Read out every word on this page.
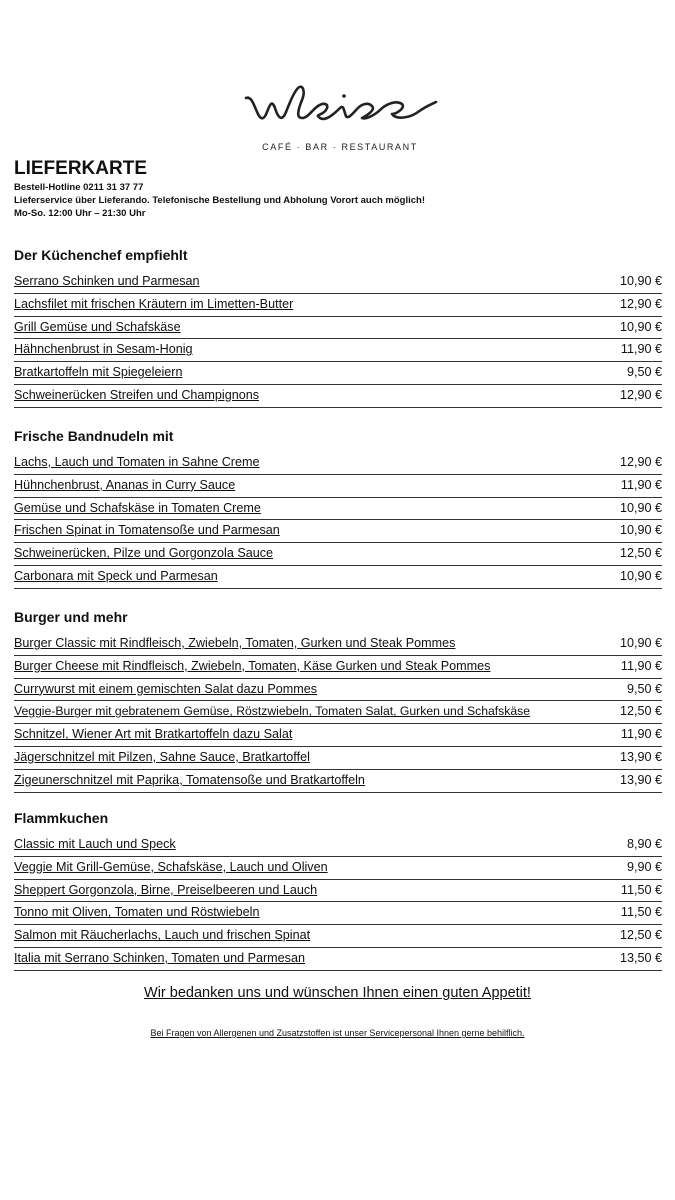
CAFÉ · BAR · RESTAURANT
LIEFERKARTE
Bestell-Hotline 0211 31 37 77
Lieferservice über Lieferando. Telefonische Bestellung und Abholung Vorort auch möglich!
Mo-So. 12:00 Uhr – 21:30 Uhr
Der Küchenchef empfiehlt
Serrano Schinken und Parmesan	10,90 €
Lachsfilet mit frischen Kräutern im Limetten-Butter	12,90 €
Grill Gemüse und Schafskäse	10,90 €
Hähnchenbrust in Sesam-Honig	11,90 €
Bratkartoffeln mit Spiegeleiern	9,50 €
Schweinerücken Streifen und Champignons	12,90 €
Frische Bandnudeln mit
Lachs, Lauch und Tomaten in Sahne Creme	12,90 €
Hühnchenbrust, Ananas in Curry Sauce	11,90 €
Gemüse und Schafskäse in Tomaten Creme	10,90 €
Frischen Spinat in Tomatensoße und Parmesan	10,90 €
Schweinerücken, Pilze und Gorgonzola Sauce	12,50 €
Carbonara mit Speck und Parmesan	10,90 €
Burger und mehr
Burger Classic mit Rindfleisch, Zwiebeln, Tomaten, Gurken und Steak Pommes	10,90 €
Burger Cheese mit Rindfleisch, Zwiebeln, Tomaten, Käse Gurken und Steak Pommes	11,90 €
Currywurst mit einem gemischten Salat dazu Pommes	9,50 €
Veggie-Burger mit gebratenem Gemüse, Röstzwiebeln, Tomaten Salat, Gurken und Schafskäse	12,50 €
Schnitzel, Wiener Art mit Bratkartoffeln dazu Salat	11,90 €
Jägerschnitzel mit Pilzen, Sahne Sauce, Bratkartoffel	13,90 €
Zigeunerschnitzel mit Paprika, Tomatensoße und Bratkartoffeln	13,90 €
Flammkuchen
Classic mit Lauch und Speck	8,90 €
Veggie Mit Grill-Gemüse, Schafskäse, Lauch und Oliven	9,90 €
Sheppert Gorgonzola, Birne, Preiselbeeren und Lauch	11,50 €
Tonno mit Oliven, Tomaten und Röstwiebeln	11,50 €
Salmon mit Räucherlachs, Lauch und frischen Spinat	12,50 €
Italia mit Serrano Schinken, Tomaten und Parmesan	13,50 €
Wir bedanken uns und wünschen Ihnen einen guten Appetit!
Bei Fragen von Allergenen und Zusatzstoffen ist unser Servicepersonal Ihnen gerne behilflich.
